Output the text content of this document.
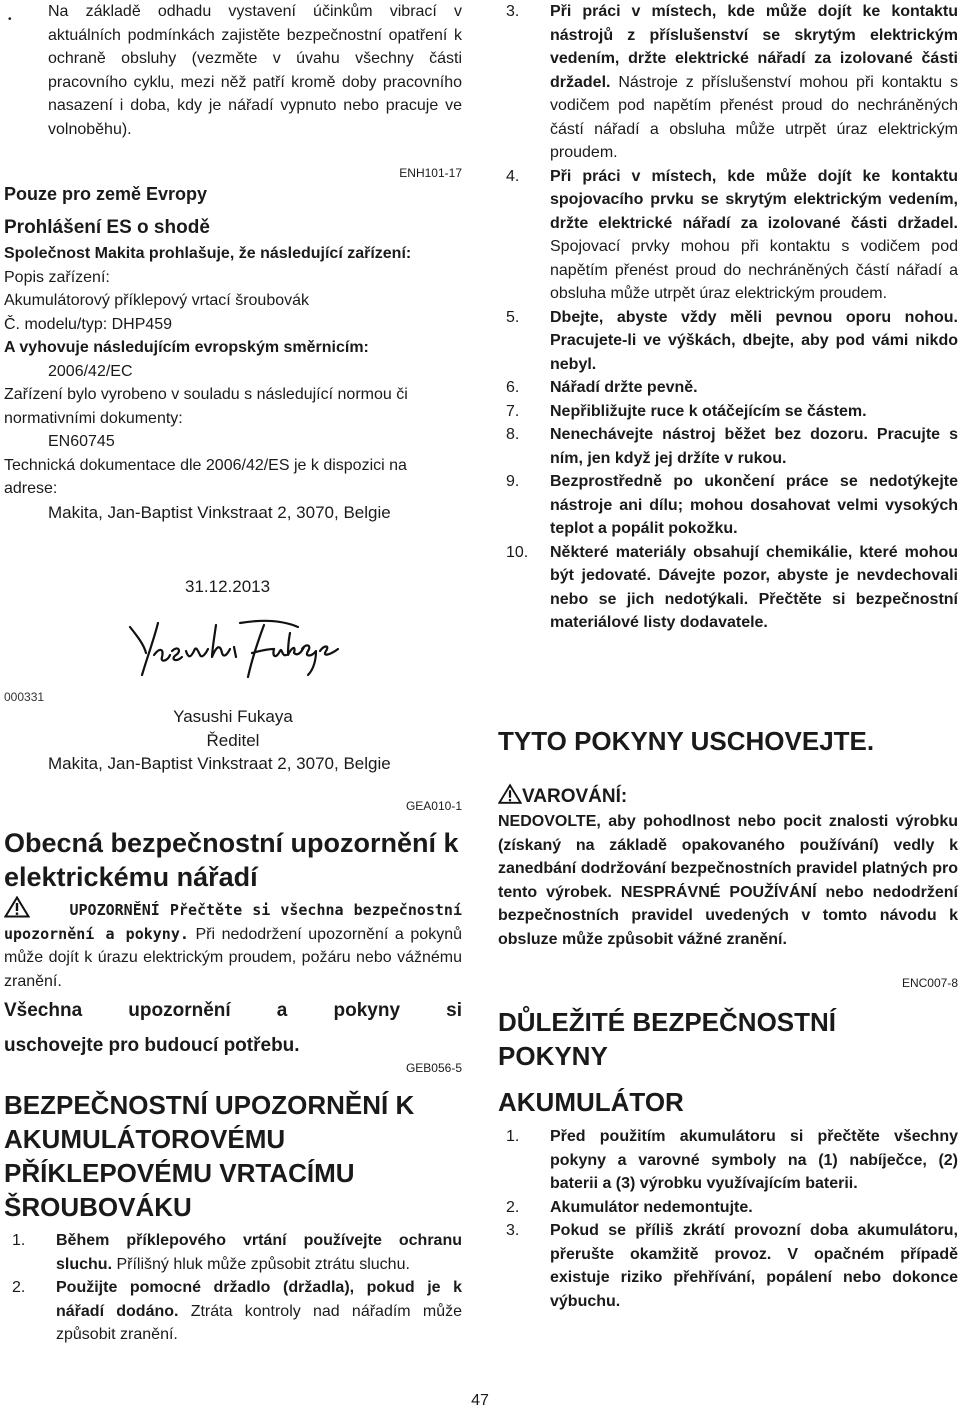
•	Na základě odhadu vystavení účinkům vibrací v aktuálních podmínkách zajistěte bezpečnostní opatření k ochraně obsluhy (vezměte v úvahu všechny části pracovního cyklu, mezi něž patří kromě doby pracovního nasazení i doba, kdy je nářadí vypnuto nebo pracuje ve volnoběhu).

ENH101-17

Pouze pro země Evropy

Prohlášení ES o shodě

Společnost Makita prohlašuje, že následující zařízení:

Popis zařízení:

Akumulátorový příklepový vrtací šroubovák

Č. modelu/typ: DHP459

A vyhovuje následujícím evropským směrnicím:

2006/42/EC

Zařízení bylo vyrobeno v souladu s následující normou či normativními dokumenty:

EN60745

Technická dokumentace dle 2006/42/ES je k dispozici na adrese:

Makita, Jan-Baptist Vinkstraat 2, 3070, Belgie

31.12.2013

Yasushi Fukaya

Ředitel

Makita, Jan-Baptist Vinkstraat 2, 3070, Belgie

GEA010-1

Obecná bezpečnostní upozornění k elektrickému nářadí

UPOZORNĚNÍ Přečtěte si všechna bezpečnostní upozornění a pokyny. Při nedodržení upozornění a pokynů může dojít k úrazu elektrickým proudem, požáru nebo vážnému zranění.

Všechna upozornění a pokyny si

uschovejte pro budoucí potřebu.

GEB056-5

BEZPEČNOSTNÍ UPOZORNĚNÍ K AKUMULÁTOROVÉMU PŘÍKLEPOVÉMU VRTACÍMU ŠROUBOVÁKU

1. Během příklepového vrtání používejte ochranu sluchu. Přílišný hluk může způsobit ztrátu sluchu.
2. Použijte pomocné držadlo (držadla), pokud je k nářadí dodáno. Ztráta kontroly nad nářadím může způsobit zranění.

000331

3. Při práci v místech, kde může dojít ke kontaktu nástrojů z příslušenství se skrytým elektrickým vedením, držte elektrické nářadí za izolované části držadel. Nástroje z příslušenství mohou při kontaktu s vodičem pod napětím přenést proud do nechráněných částí nářadí a obsluha může utrpět úraz elektrickým proudem.
4. Při práci v místech, kde může dojít ke kontaktu spojovacího prvku se skrytým elektrickým vedením, držte elektrické nářadí za izolované části držadel. Spojovací prvky mohou při kontaktu s vodičem pod napětím přenést proud do nechráněných částí nářadí a obsluha může utrpět úraz elektrickým proudem.
5. Dbejte, abyste vždy měli pevnou oporu nohou. Pracujete-li ve výškách, dbejte, aby pod vámi nikdo nebyl.
6. Nářadí držte pevně.
7. Nepřibližujte ruce k otáčejícím se částem.
8. Nenechávejte nástroj běžet bez dozoru. Pracujte s ním, jen když jej držíte v rukou.
9. Bezprostředně po ukončení práce se nedotýkejte nástroje ani dílu; mohou dosahovat velmi vysokých teplot a popálit pokožku.
10. Některé materiály obsahují chemikálie, které mohou být jedovaté. Dávejte pozor, abyste je nevdechovali nebo se jich nedotýkali. Přečtěte si bezpečnostní materiálové listy dodavatele.

TYTO POKYNY USCHOVEJTE.

VAROVÁNÍ:

NEDOVOLTE, aby pohodlnost nebo pocit znalosti výrobku (získaný na základě opakovaného používání) vedly k zanedbání dodržování bezpečnostních pravidel platných pro tento výrobek. NESPRÁVNÉ POUŽÍVÁNÍ nebo nedodržení bezpečnostních pravidel uvedených v tomto návodu k obsluze může způsobit vážné zranění.

ENC007-8

DŮLEŽITÉ BEZPEČNOSTNÍ POKYNY

AKUMULÁTOR

1. Před použitím akumulátoru si přečtěte všechny pokyny a varovné symboly na (1) nabíječce, (2) baterii a (3) výrobku využívajícím baterii.
2. Akumulátor nedemontujte.
3. Pokud se příliš zkrátí provozní doba akumulátoru, přerušte okamžitě provoz. V opačném případě existuje riziko přehřívání, popálení nebo dokonce výbuchu.

47
